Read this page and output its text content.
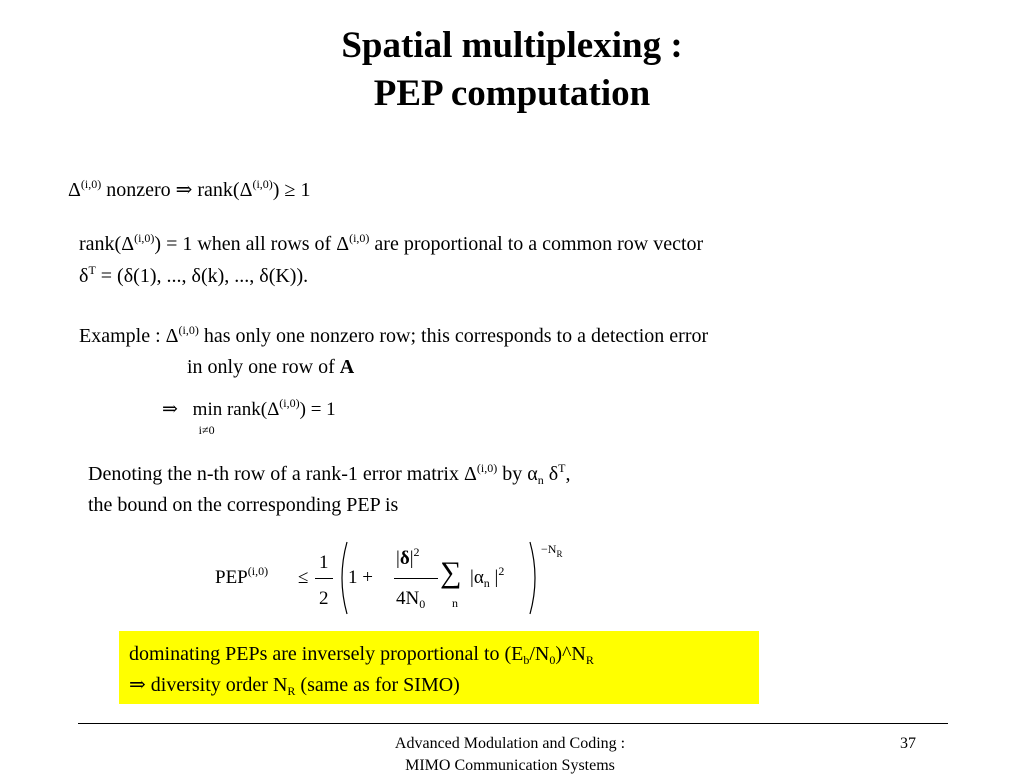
Spatial multiplexing :
PEP computation
Δ$^{(i,0)}$ nonzero ⇒ $rank(\Delta^{(i,0)}) \ge 1$
$rank(\Delta^{(i,0)}) = 1$ when all rows of Δ$^{(i,0)}$ are proportional to a common row vector
$\delta^T = (\delta(1)$, ..., δ(k), ..., δ(K)).
Example : Δ$^{(i,0)}$ has only one nonzero row; this corresponds to a detection error
in only one row of A
⇒ min
i≠0
$rank(\Delta^{(i,0)}) = 1$
Denoting the n-th row of a rank-1 error matrix Δ$^{(i,0)}$ by $\alpha_n$ $\delta^T$,
the bound on the corresponding PEP is
PEP$^{(i,0)}$ ≤
1
2
1 +
$|\delta|^2$
$4N_0$
∑
n
$|\alpha_n$ $|^2$
$-N_R$
dominating PEPs are inversely proportional to $(E_b/N_0)\^{}N_R$
⇒ diversity order $N_R$ (same as for SIMO)
Advanced Modulation and Coding :
MIMO Communication Systems
37
